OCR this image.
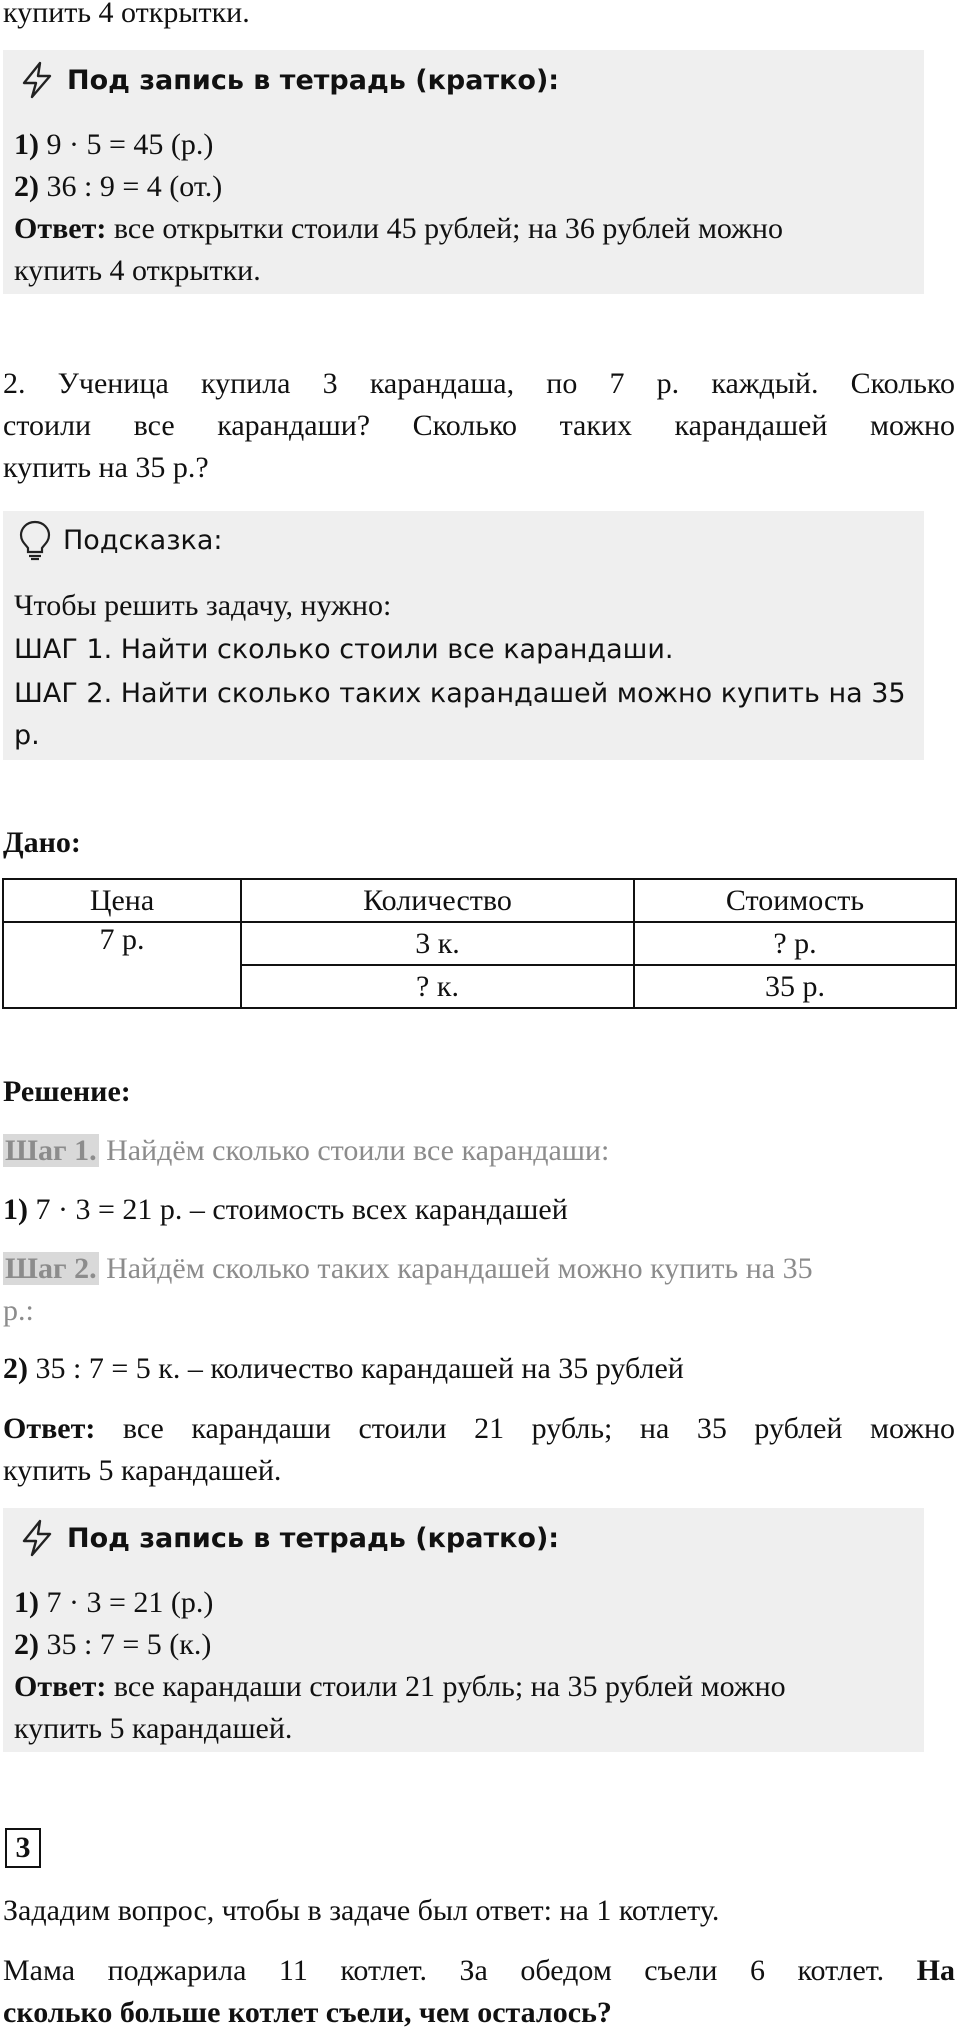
купить 4 открытки.
Под запись в тетрадь (кратко):
1) 9 · 5 = 45 (р.)
2) 36 : 9 = 4 (от.)
Ответ: все открытки стоили 45 рублей; на 36 рублей можно
купить 4 открытки.
2. Ученица купила 3 карандаша, по 7 р. каждый. Сколько
стоили все карандаши? Сколько таких карандашей можно
купить на 35 р.?
Подсказка:
Чтобы решить задачу, нужно:
ШАГ 1. Найти сколько стоили все карандаши.
ШАГ 2. Найти сколько таких карандашей можно купить на 35
р.
Дано:
Цена	Количество	Стоимость
7 р.	3 к.	? р.
	? к.	35 р.
Решение:
Шаг 1. Найдём сколько стоили все карандаши:
1) 7 · 3 = 21 р. – стоимость всех карандашей
Шаг 2. Найдём сколько таких карандашей можно купить на 35
р.:
2) 35 : 7 = 5 к. – количество карандашей на 35 рублей
Ответ: все карандаши стоили 21 рубль; на 35 рублей можно
купить 5 карандашей.
Под запись в тетрадь (кратко):
1) 7 · 3 = 21 (р.)
2) 35 : 7 = 5 (к.)
Ответ: все карандаши стоили 21 рубль; на 35 рублей можно
купить 5 карандашей.
3
Зададим вопрос, чтобы в задаче был ответ: на 1 котлету.
Мама поджарила 11 котлет. За обедом съели 6 котлет. На
сколько больше котлет съели, чем осталось?
